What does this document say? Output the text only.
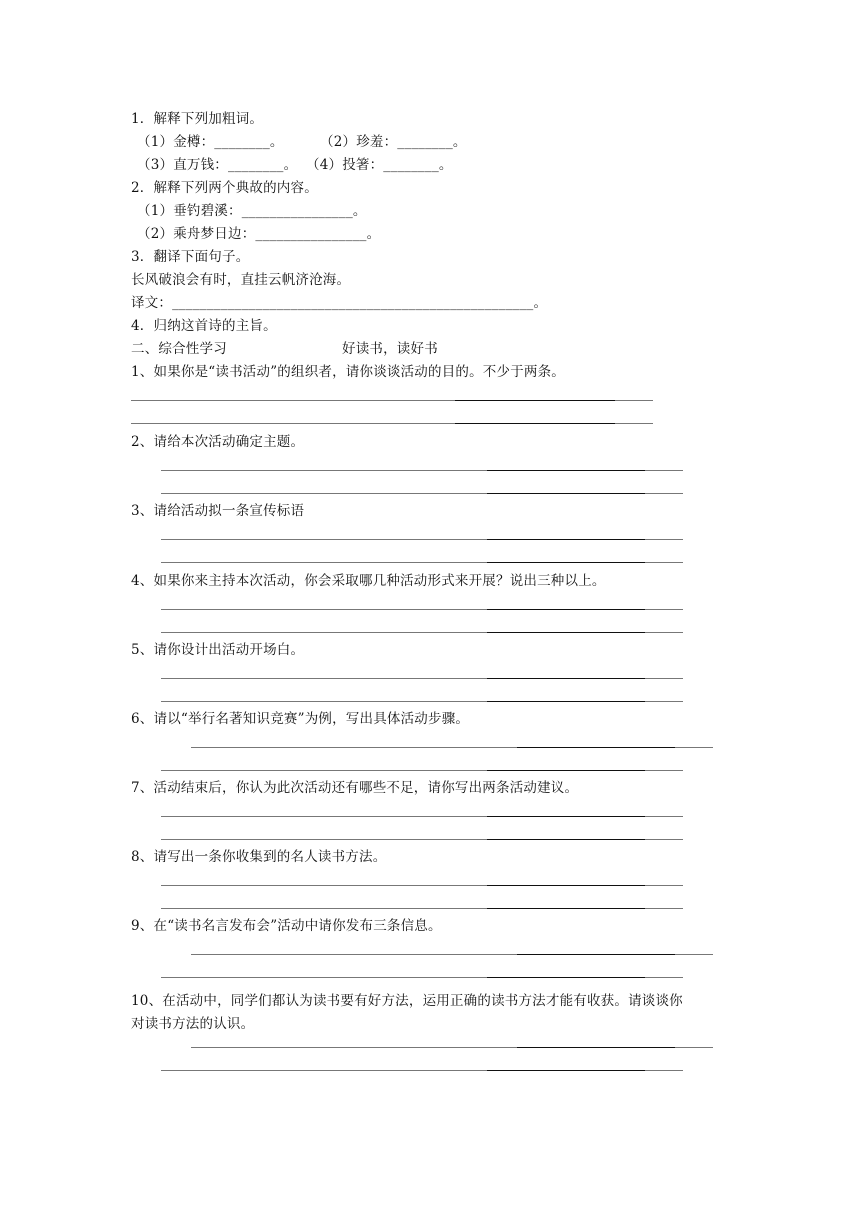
1．解释下列加粗词。
（1）金樽：________。	（2）珍羞：________。
（3）直万钱：________。 （4）投箸：________。
2．解释下列两个典故的内容。
（1）垂钓碧溪：________________。
（2）乘舟梦日边：________________。
3．翻译下面句子。
长风破浪会有时，直挂云帆济沧海。
译文：____________________________________________________。
4．归纳这首诗的主旨。
二、综合性学习	好读书，读好书
1、如果你是“读书活动”的组织者，请你谈谈活动的目的。不少于两条。
2、请给本次活动确定主题。
3、请给活动拟一条宣传标语
4、如果你来主持本次活动，你会采取哪几种活动形式来开展？说出三种以上。
5、请你设计出活动开场白。
6、请以“举行名著知识竞赛”为例，写出具体活动步骤。
7、活动结束后，你认为此次活动还有哪些不足，请你写出两条活动建议。
8、请写出一条你收集到的名人读书方法。
9、在“读书名言发布会”活动中请你发布三条信息。
10、在活动中，同学们都认为读书要有好方法，运用正确的读书方法才能有收获。请谈谈你
对读书方法的认识。
